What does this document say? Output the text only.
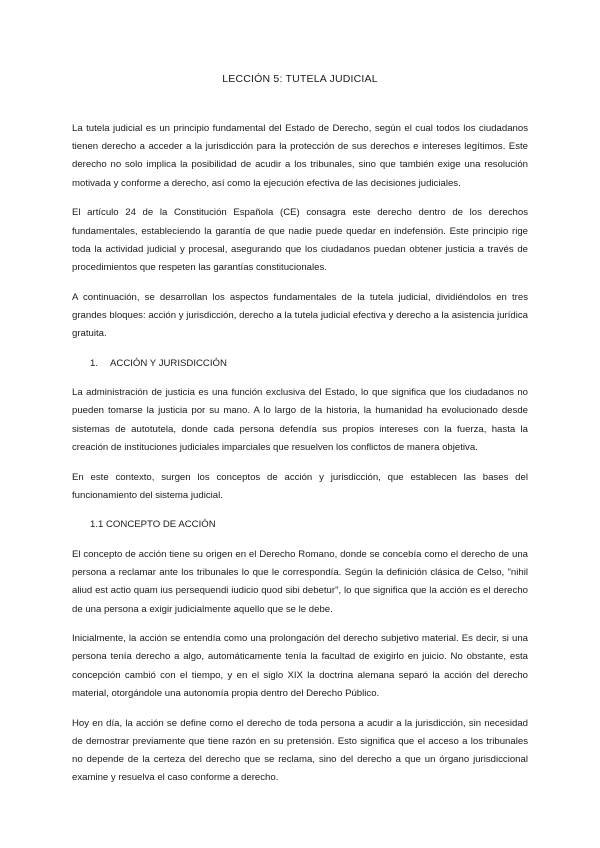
LECCIÓN 5: TUTELA JUDICIAL

La tutela judicial es un principio fundamental del Estado de Derecho, según el cual todos los ciudadanos tienen derecho a acceder a la jurisdicción para la protección de sus derechos e intereses legítimos. Este derecho no solo implica la posibilidad de acudir a los tribunales, sino que también exige una resolución motivada y conforme a derecho, así como la ejecución efectiva de las decisiones judiciales.

El artículo 24 de la Constitución Española (CE) consagra este derecho dentro de los derechos fundamentales, estableciendo la garantía de que nadie puede quedar en indefensión. Este principio rige toda la actividad judicial y procesal, asegurando que los ciudadanos puedan obtener justicia a través de procedimientos que respeten las garantías constitucionales.

A continuación, se desarrollan los aspectos fundamentales de la tutela judicial, dividiéndolos en tres grandes bloques: acción y jurisdicción, derecho a la tutela judicial efectiva y derecho a la asistencia jurídica gratuita.

1. ACCIÓN Y JURISDICCIÓN

La administración de justicia es una función exclusiva del Estado, lo que significa que los ciudadanos no pueden tomarse la justicia por su mano. A lo largo de la historia, la humanidad ha evolucionado desde sistemas de autotutela, donde cada persona defendía sus propios intereses con la fuerza, hasta la creación de instituciones judiciales imparciales que resuelven los conflictos de manera objetiva.

En este contexto, surgen los conceptos de acción y jurisdicción, que establecen las bases del funcionamiento del sistema judicial.

1.1 CONCEPTO DE ACCIÓN

El concepto de acción tiene su origen en el Derecho Romano, donde se concebía como el derecho de una persona a reclamar ante los tribunales lo que le correspondía. Según la definición clásica de Celso, "nihil aliud est actio quam ius persequendi iudicio quod sibi debetur", lo que significa que la acción es el derecho de una persona a exigir judicialmente aquello que se le debe.

Inicialmente, la acción se entendía como una prolongación del derecho subjetivo material. Es decir, si una persona tenía derecho a algo, automáticamente tenía la facultad de exigirlo en juicio. No obstante, esta concepción cambió con el tiempo, y en el siglo XIX la doctrina alemana separó la acción del derecho material, otorgándole una autonomía propia dentro del Derecho Público.

Hoy en día, la acción se define como el derecho de toda persona a acudir a la jurisdicción, sin necesidad de demostrar previamente que tiene razón en su pretensión. Esto significa que el acceso a los tribunales no depende de la certeza del derecho que se reclama, sino del derecho a que un órgano jurisdiccional examine y resuelva el caso conforme a derecho.
